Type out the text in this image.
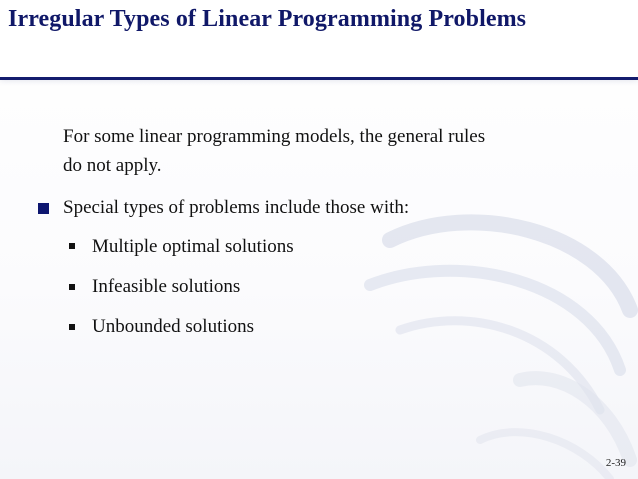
Irregular Types of Linear Programming Problems

For some linear programming models, the general rules

do not apply.

Special types of problems include those with:

Multiple optimal solutions

Infeasible solutions

Unbounded solutions

2-39
